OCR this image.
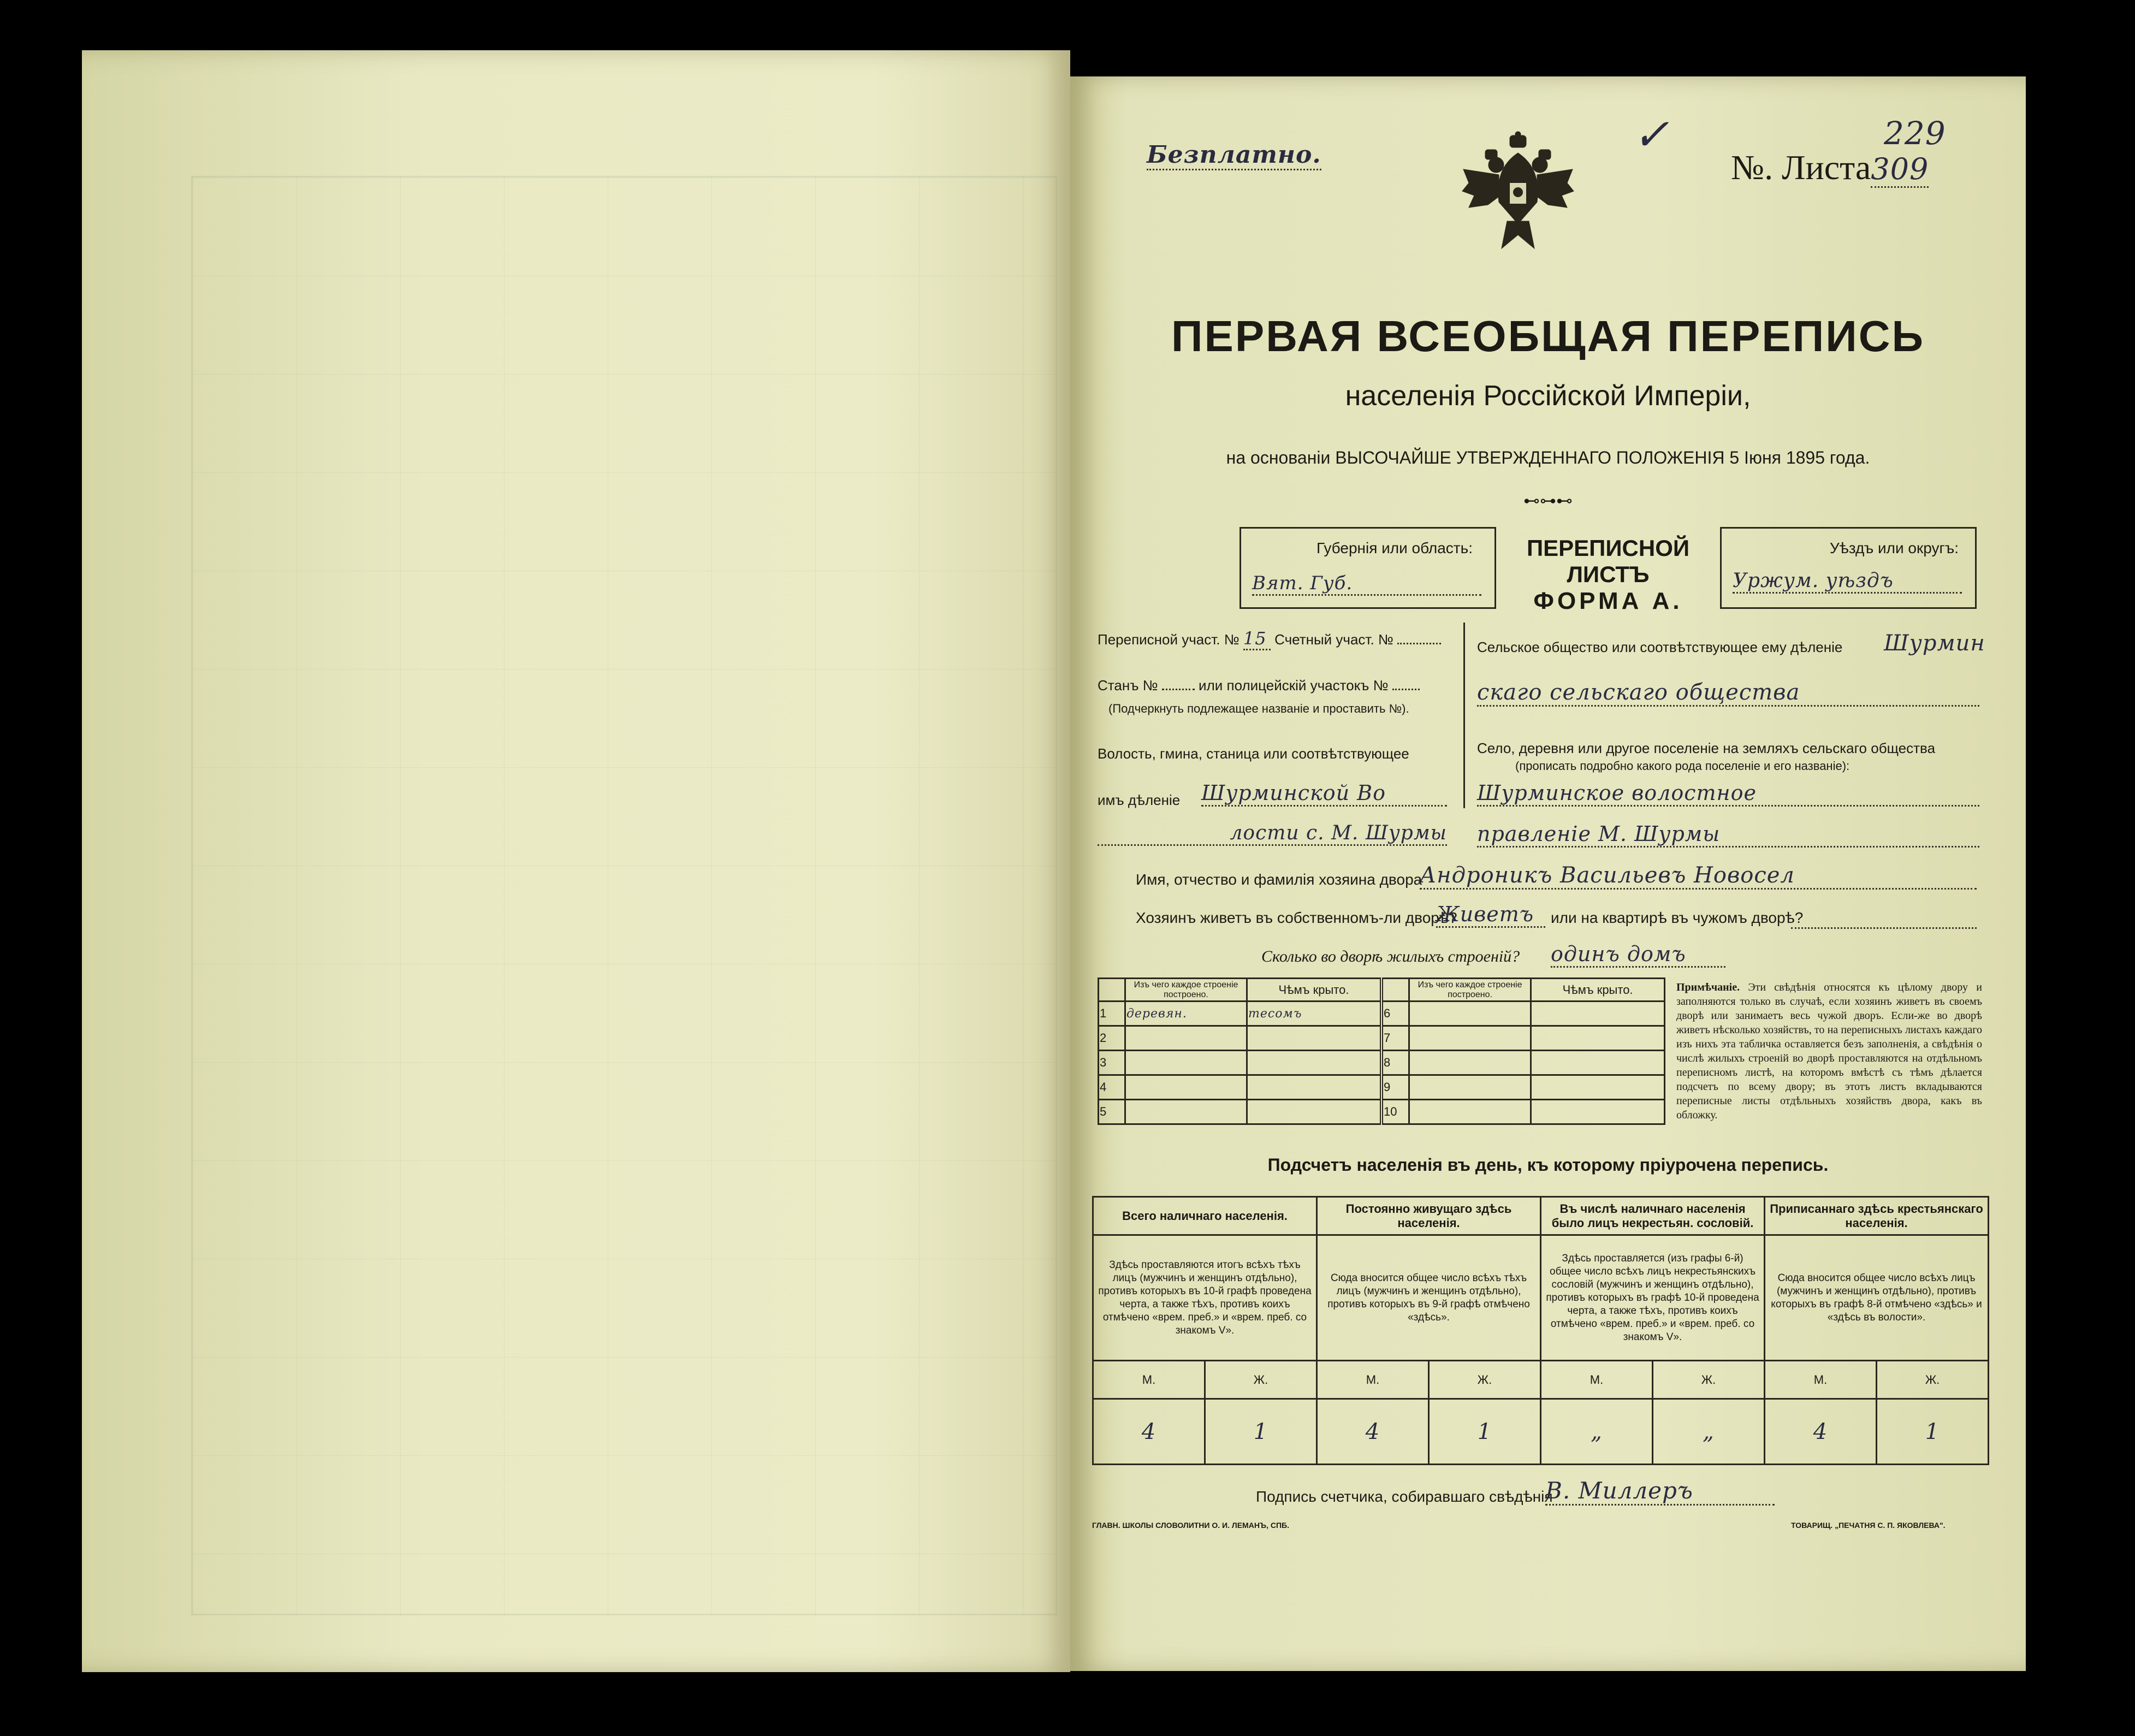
Безплатно.	✓
№. Листа309
229
ПЕРВАЯ ВСЕОБЩАЯ ПЕРЕПИСЬ
населенія Россійской Имперіи,
на основаніи ВЫСОЧАЙШЕ УТВЕРЖДЕННАГО ПОЛОЖЕНІЯ 5 Іюня 1895 года.
⊷⊶⊷
Губернія или область:
Вят. Губ.
ПЕРЕПИСНОЙ ЛИСТЪ
ФОРМА А.
Уѣздъ или округъ:
Уржум. уѣздъ
Переписной участ. № 15 Счетный участ. №
Станъ №	или полицейскій участокъ №
(Подчеркнуть подлежащее названіе и проставить №).
Волость, гмина, станица или соотвѣтствующее
имъ дѣленіе Шурминской Во
лости с. М. Шурмы
Сельское общество или соотвѣтствующее ему дѣленіе Шурмин
скаго сельскаго общества
Село, деревня или другое поселеніе на земляхъ сельскаго общества
(прописать подробно какого рода поселеніе и его названіе):
Шурминское волостное
правленіе М. Шурмы
Имя, отчество и фамилія хозяина двора
Андроникъ Васильевъ Новосел
Хозяинъ живетъ въ собственномъ-ли дворѣ?
Живетъ	или на квартирѣ въ чужомъ дворѣ?
Сколько во дворѣ жилыхъ строеній? одинъ домъ
	Изъ чего каждое строеніе построено.	Чѣмъ крыто.		Изъ чего каждое строеніе построено.	Чѣмъ крыто.
1	деревян.	тесомъ	6		
2			7		
3			8		
4			9		
5			10		
Примѣчаніе. Эти свѣдѣнія относятся къ цѣлому двору и заполняются только въ случаѣ, если хозяинъ живетъ въ своемъ дворѣ или занимаетъ весь чужой дворъ. Если-же во дворѣ живетъ нѣсколько хозяйствъ, то на переписныхъ листахъ каждаго изъ нихъ эта табличка оставляется безъ заполненія, а свѣдѣнія о числѣ жилыхъ строеній во дворѣ проставляются на отдѣльномъ переписномъ листѣ, на которомъ вмѣстѣ съ тѣмъ дѣлается подсчетъ по всему двору; въ этотъ листъ вкладываются переписные листы отдѣльныхъ хозяйствъ двора, какъ въ обложку.
Подсчетъ населенія въ день, къ которому пріурочена перепись.
Всего наличнаго населенія.		Постоянно живущаго здѣсь населенія.		Въ числѣ наличнаго населенія было лицъ некрестьян. сословій.		Приписаннаго здѣсь крестьянскаго населенія.	
Здѣсь проставляются итогъ всѣхъ тѣхъ лицъ (мужчинъ и женщинъ отдѣльно), противъ которыхъ въ 10-й графѣ проведена черта, а также тѣхъ, противъ коихъ отмѣчено «врем. преб.» и «врем. преб. со знакомъ V».		Сюда вносится общее число всѣхъ тѣхъ лицъ (мужчинъ и женщинъ отдѣльно), противъ которыхъ въ 9-й графѣ отмѣчено «здѣсь».		Здѣсь проставляется (изъ графы 6-й) общее число всѣхъ лицъ некрестьянскихъ сословій (мужчинъ и женщинъ отдѣльно), противъ которыхъ въ графѣ 10-й проведена черта, а также тѣхъ, противъ коихъ отмѣчено «врем. преб.» и «врем. преб. со знакомъ V».		Сюда вносится общее число всѣхъ лицъ (мужчинъ и женщинъ отдѣльно), противъ которыхъ въ графѣ 8-й отмѣчено «здѣсь» и «здѣсь въ волости».	
М.	Ж.	М.	Ж.	М.	Ж.	М.	Ж.
4	1	4	1	„	„	4	1
Подпись счетчика, собиравшаго свѣдѣнія
В. Миллеръ
ГЛАВН. ШКОЛЫ СЛОВОЛИТНИ О. И. ЛЕМАНЪ, СПБ.	ТОВАРИЩ. „ПЕЧАТНЯ С. П. ЯКОВЛЕВА".
